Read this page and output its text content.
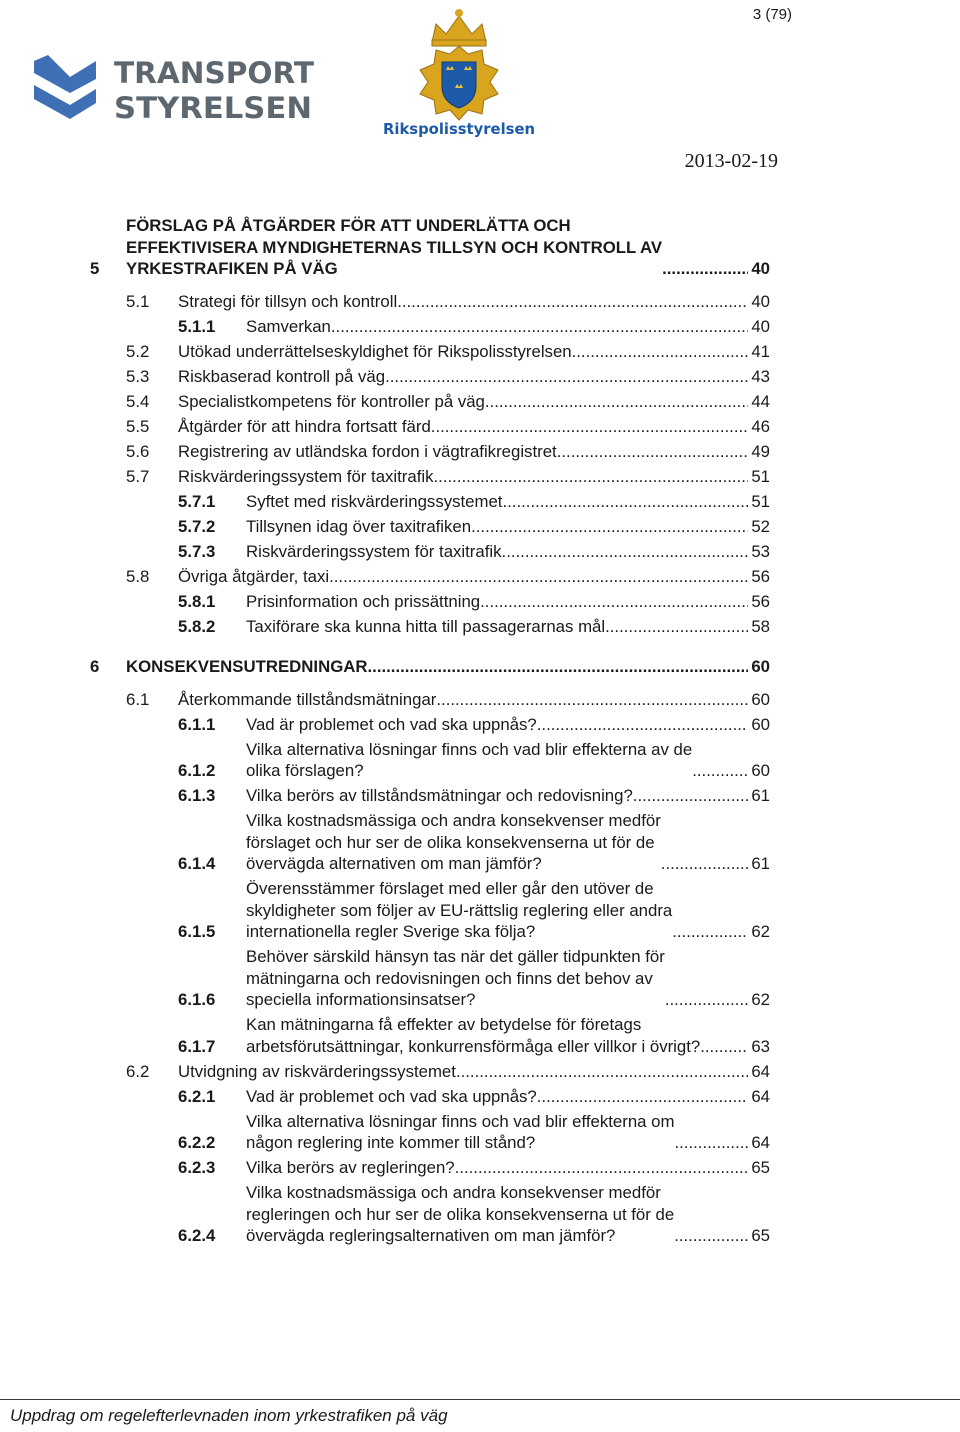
3 (79)
TRANSPORT
STYRELSEN
Rikspolisstyrelsen
2013-02-19
5
FÖRSLAG PÅ ÅTGÄRDER FÖR ATT UNDERLÄTTA OCH
EFFEKTIVISERA MYNDIGHETERNAS TILLSYN OCH KONTROLL AV
YRKESTRAFIKEN PÅ VÄG .....	40
5.1	Strategi för tillsyn och kontroll .....	40
5.1.1	Samverkan .....	40
5.2	Utökad underrättelseskyldighet för Rikspolisstyrelsen .....	41
5.3	Riskbaserad kontroll på väg .....	43
5.4	Specialistkompetens för kontroller på väg .....	44
5.5	Åtgärder för att hindra fortsatt färd .....	46
5.6	Registrering av utländska fordon i vägtrafikregistret .....	49
5.7	Riskvärderingssystem för taxitrafik .....	51
5.7.1	Syftet med riskvärderingssystemet .....	51
5.7.2	Tillsynen idag över taxitrafiken .....	52
5.7.3	Riskvärderingssystem för taxitrafik. .....	53
5.8	Övriga åtgärder, taxi .....	56
5.8.1	Prisinformation och prissättning .....	56
5.8.2	Taxiförare ska kunna hitta till passagerarnas mål .....	58
6	KONSEKVENSUTREDNINGAR .....	60
6.1	Återkommande tillståndsmätningar .....	60
6.1.1	Vad är problemet och vad ska uppnås? .....	60
6.1.2
Vilka alternativa lösningar finns och vad blir effekterna av de
olika förslagen? .....	60
6.1.3	Vilka berörs av tillståndsmätningar och redovisning? .....	61
6.1.4
Vilka kostnadsmässiga och andra konsekvenser medför
förslaget och hur ser de olika konsekvenserna ut för de
övervägda alternativen om man jämför? .....	61
6.1.5
Överensstämmer förslaget med eller går den utöver de
skyldigheter som följer av EU-rättslig reglering eller andra
internationella regler Sverige ska följa? .....	62
6.1.6
Behöver särskild hänsyn tas när det gäller tidpunkten för
mätningarna och redovisningen och finns det behov av
speciella informationsinsatser? .....	62
6.1.7
Kan mätningarna få effekter av betydelse för företags
arbetsförutsättningar, konkurrensförmåga eller villkor i övrigt? .....	63
6.2	Utvidgning av riskvärderingssystemet .....	64
6.2.1	Vad är problemet och vad ska uppnås? .....	64
6.2.2
Vilka alternativa lösningar finns och vad blir effekterna om
någon reglering inte kommer till stånd? .....	64
6.2.3	Vilka berörs av regleringen? .....	65
6.2.4
Vilka kostnadsmässiga och andra konsekvenser medför
regleringen och hur ser de olika konsekvenserna ut för de
övervägda regleringsalternativen om man jämför? .....	65
Uppdrag om regelefterlevnaden inom yrkestrafiken på väg
